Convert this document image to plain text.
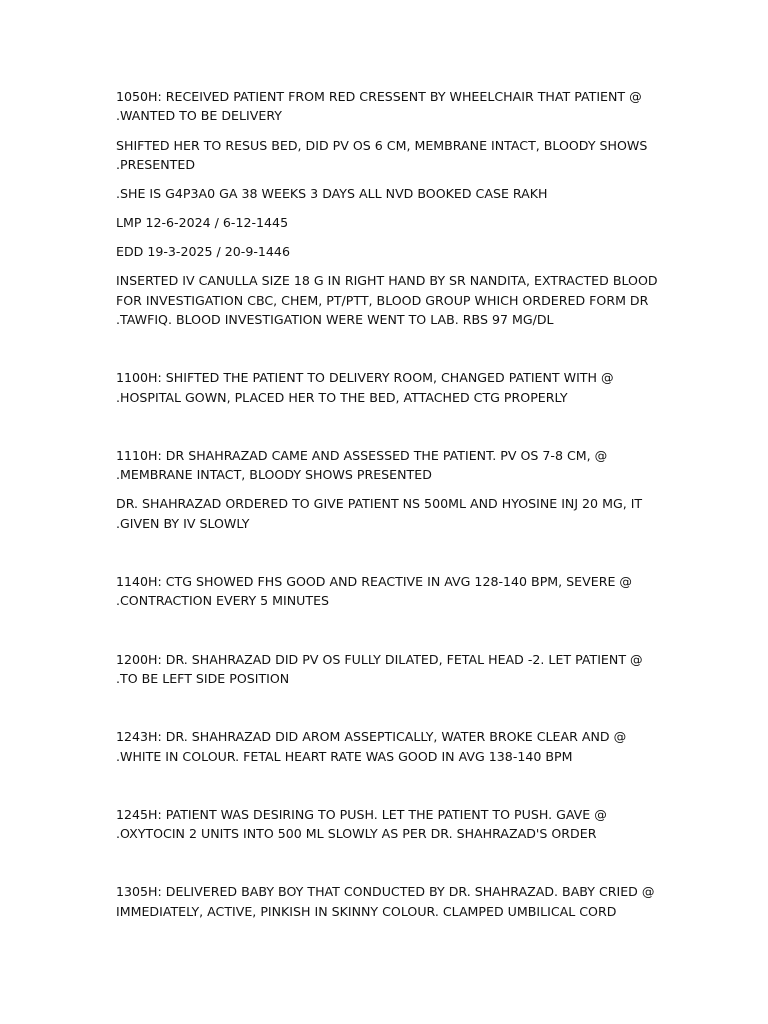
1050H: RECEIVED PATIENT FROM RED CRESSENT BY WHEELCHAIR THAT PATIENT @
.WANTED TO BE DELIVERY
SHIFTED HER TO RESUS BED, DID PV OS 6 CM, MEMBRANE INTACT, BLOODY SHOWS
.PRESENTED
.SHE IS G4P3A0 GA 38 WEEKS 3 DAYS ALL NVD BOOKED CASE RAKH
LMP 12-6-2024 / 6-12-1445
EDD 19-3-2025 / 20-9-1446
INSERTED IV CANULLA SIZE 18 G IN RIGHT HAND BY SR NANDITA, EXTRACTED BLOOD
FOR INVESTIGATION CBC, CHEM, PT/PTT, BLOOD GROUP WHICH ORDERED FORM DR
.TAWFIQ. BLOOD INVESTIGATION WERE WENT TO LAB. RBS 97 MG/DL
1100H: SHIFTED THE PATIENT TO DELIVERY ROOM, CHANGED PATIENT WITH @
.HOSPITAL GOWN, PLACED HER TO THE BED, ATTACHED CTG PROPERLY
1110H: DR SHAHRAZAD CAME AND ASSESSED THE PATIENT. PV OS 7-8 CM, @
.MEMBRANE INTACT, BLOODY SHOWS PRESENTED
DR. SHAHRAZAD ORDERED TO GIVE PATIENT NS 500ML AND HYOSINE INJ 20 MG, IT
.GIVEN BY IV SLOWLY
1140H: CTG SHOWED FHS GOOD AND REACTIVE IN AVG 128-140 BPM, SEVERE @
.CONTRACTION EVERY 5 MINUTES
1200H: DR. SHAHRAZAD DID PV OS FULLY DILATED, FETAL HEAD -2. LET PATIENT @
.TO BE LEFT SIDE POSITION
1243H: DR. SHAHRAZAD DID AROM ASSEPTICALLY, WATER BROKE CLEAR AND @
.WHITE IN COLOUR. FETAL HEART RATE WAS GOOD IN AVG 138-140 BPM
1245H: PATIENT WAS DESIRING TO PUSH. LET THE PATIENT TO PUSH. GAVE @
.OXYTOCIN 2 UNITS INTO 500 ML SLOWLY AS PER DR. SHAHRAZAD'S ORDER
1305H: DELIVERED BABY BOY THAT CONDUCTED BY DR. SHAHRAZAD. BABY CRIED @
IMMEDIATELY, ACTIVE, PINKISH IN SKINNY COLOUR. CLAMPED UMBILICAL CORD
